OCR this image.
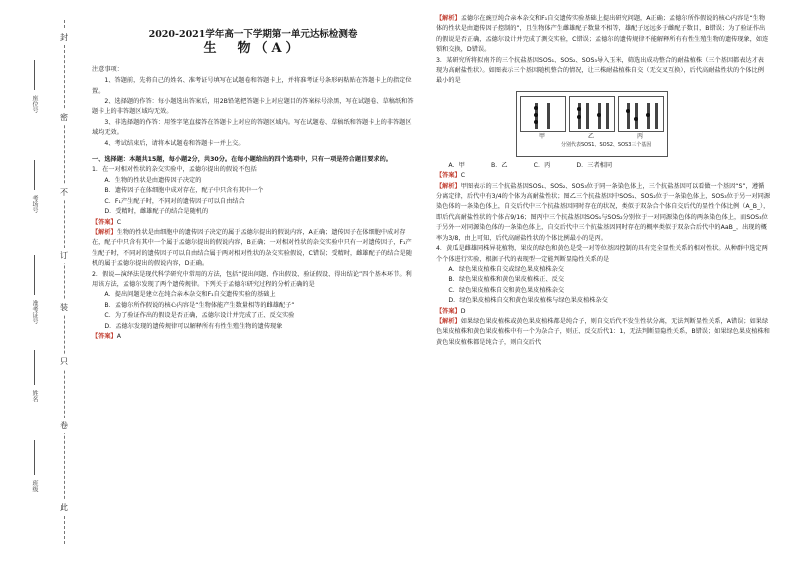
封
密
不
订
装
只
卷
此
座位号
考场号
准考证号
姓名
班级
2020-2021学年高一下学期第一单元达标检测卷
生　物（A）

注意事项：

1、答题前，先将自己的姓名、准考证号填写在试题卷和答题卡上，并将准考证号条形码粘贴在答题卡上的指定位置。

2、选择题的作答：每小题选出答案后，用2B铅笔把答题卡上对应题目的答案标号涂黑，写在试题卷、草稿纸和答题卡上的非答题区域均无效。

3、非选择题的作答：用签字笔直接答在答题卡上对应的答题区域内。写在试题卷、草稿纸和答题卡上的非答题区域均无效。

4、考试结束后，请将本试题卷和答题卡一并上交。

一、选择题：本题共15题，每小题2分，共30分。在每小题给出的四个选项中，只有一项是符合题目要求的。

1．在一对相对性状的杂交实验中，孟德尔提出的假说不包括

A．生物的性状是由遗传因子决定的

B．遗传因子在体细胞中成对存在，配子中只含有其中一个

C．F₁产生配子时，不同对的遗传因子可以自由结合

D．受精时，雌雄配子的结合是随机的

【答案】C

【解析】生物的性状是由细胞中的遗传因子决定的属于孟德尔提出的假说内容，A正确；遗传因子在体细胞中成对存在，配子中只含有其中一个属于孟德尔提出的假说内容，B正确；一对相对性状的杂交实验中只有一对遗传因子，F₁产生配子时，不同对的遗传因子可以自由结合属于两对相对性状的杂交实验假说，C错误；受精时，雌雄配子的结合是随机的属于孟德尔提出的假说内容，D正确。

2．假说—演绎法是现代科学研究中常用的方法，包括“提出问题、作出假设、验证假设、得出结论”四个基本环节。利用该方法，孟德尔发现了两个遗传规律。下列关于孟德尔研究过程的分析正确的是

A．提出问题是建立在纯合亲本杂交和F₁自交遗传实验的基础上

B．孟德尔所作假说的核心内容是“生物体能产生数量相等的雌雄配子”

C．为了验证作出的假设是否正确，孟德尔设计并完成了正、反交实验

D．孟德尔发现的遗传规律可以解释所有有性生殖生物的遗传现象

【答案】A

【解析】孟德尔在豌豆纯合亲本杂交和F₁自交遗传实验基础上提出研究问题，A正确；孟德尔所作假说的核心内容是“生物体的性状是由遗传因子控制的”，且生物体产生雌雄配子数量不相等，雄配子远远多于雌配子数目，B错误；为了验证作出的假说是否正确，孟德尔设计并完成了测交实验，C错误；孟德尔的遗传规律不能解释所有有性生殖生物的遗传现象，如连锁和交换，D错误。

3．某研究所将拟南芥的三个抗盐基因SOS₁、SOS₂、SOS₃导入玉米，筛选出成功整合的耐盐植株（三个基因都表达才表现为高耐盐性状）。如图表示三个基因随机整合的情况，让三株耐盐植株自交（无交叉互换），后代高耐盐性状的个体比例最小的是

甲	乙	丙
分别代表SOS1、SOS2、SOS3三个基因
A．甲	B．乙	C．丙	D．三者相同

【答案】C

【解析】甲图表示的三个抗盐基因SOS₁、SOS₂、SOS₃位于同一条染色体上，三个抗盐基因可以看做一个基因“S”，遵循分离定律，后代中有3/4的个体为高耐盐性状；图乙三个抗盐基因中SOS₁、SOS₂位于一条染色体上，SOS₃位于另一对同源染色体的一条染色体上，自交后代中三个抗盐基因同时存在的状况，类似于双杂合个体自交后代的显性个体比例（A_B_），即后代高耐盐性状的个体占9/16；图丙中三个抗盐基因SOS₁与SOS₂分别位于一对同源染色体的两条染色体上，而SOS₃位于另外一对同源染色体的一条染色体上，自交后代中三个抗盐基因同时存在的概率类似于双杂合后代中的AaB_，出现的概率为3/8，由上可知，后代高耐盐性状的个体比例最小的是丙。

4．黄瓜是雌雄同株异花植物，果皮的绿色和黄色是受一对等位基因控制的具有完全显性关系的相对性状。从种群中选定两个个体进行实验，根据子代的表现型一定能判断显隐性关系的是

A．绿色果皮植株自交或绿色果皮植株杂交

B．绿色果皮植株和黄色果皮植株正、反交

C．绿色果皮植株自交和黄色果皮植株杂交

D．绿色果皮植株自交和黄色果皮植株与绿色果皮植株杂交

【答案】D

【解析】如果绿色果皮植株或黄色果皮植株都是纯合子，则自交后代不发生性状分离，无法判断显性关系，A错误；如果绿色果皮植株和黄色果皮植株中有一个为杂合子，则正、反交后代1：1，无法判断显隐性关系，B错误；如果绿色果皮植株和黄色果皮植株都是纯合子，则自交后代
